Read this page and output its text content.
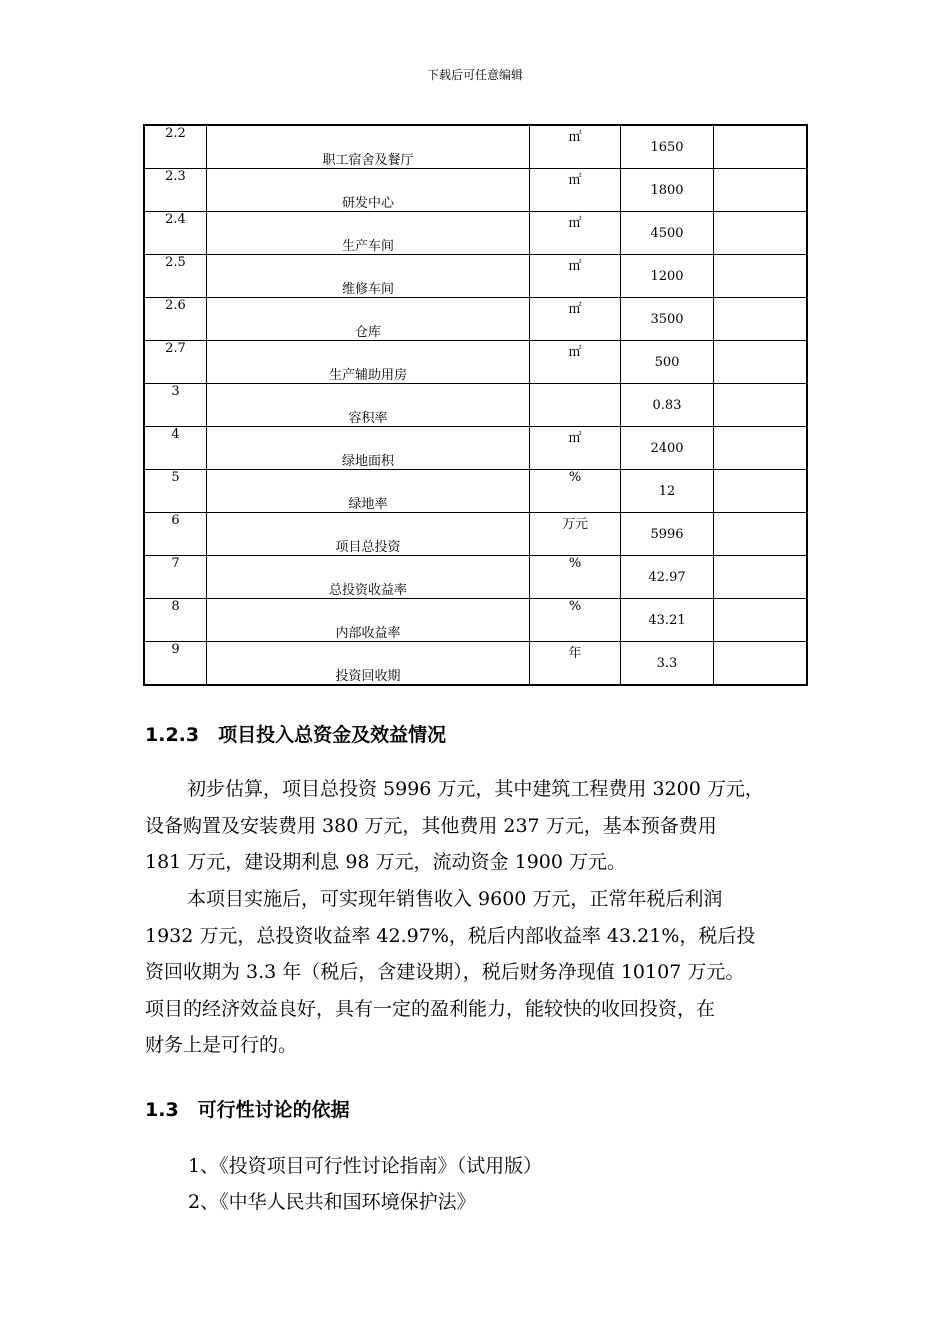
下载后可任意编辑
2.2	职工宿舍及餐厅	㎡	1650	
2.3	研发中心	㎡	1800	
2.4	生产车间	㎡	4500	
2.5	维修车间	㎡	1200	
2.6	仓库	㎡	3500	
2.7	生产辅助用房	㎡	500	
3	容积率		0.83	
4	绿地面积	㎡	2400	
5	绿地率	%	12	
6	项目总投资	万元	5996	
7	总投资收益率	%	42.97	
8	内部收益率	%	43.21	
9	投资回收期	年	3.3	
1.2.3　项目投入总资金及效益情况
初步估算，项目总投资 5996 万元，其中建筑工程费用 3200 万元，
设备购置及安装费用 380 万元，其他费用 237 万元，基本预备费用
181 万元，建设期利息 98 万元，流动资金 1900 万元。
本项目实施后，可实现年销售收入 9600 万元，正常年税后利润
1932 万元，总投资收益率 42.97%，税后内部收益率 43.21%，税后投
资回收期为 3.3 年（税后，含建设期），税后财务净现值 10107 万元。
项目的经济效益良好，具有一定的盈利能力，能较快的收回投资，在
财务上是可行的。
1.3　可行性讨论的依据
1、《投资项目可行性讨论指南》（试用版）
2、《中华人民共和国环境保护法》
